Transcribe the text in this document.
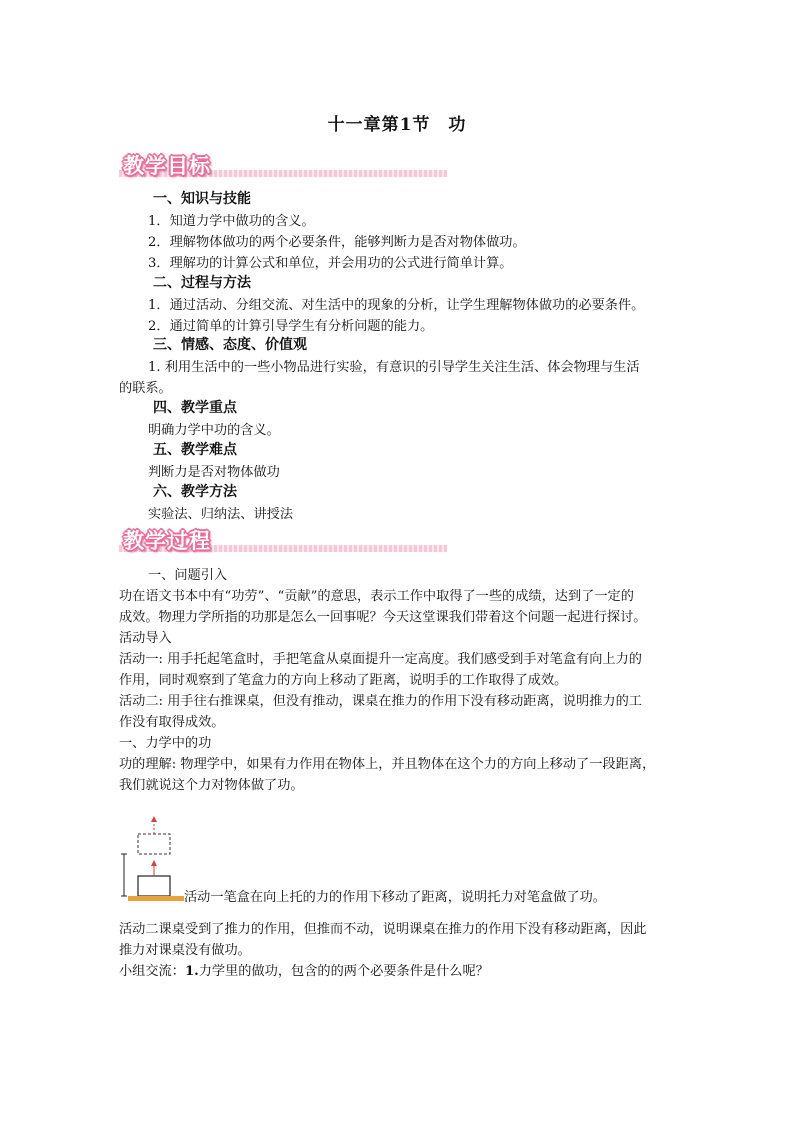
十一章第1节　功
教学目标
一、知识与技能
1．知道力学中做功的含义。
2．理解物体做功的两个必要条件，能够判断力是否对物体做功。
3．理解功的计算公式和单位，并会用功的公式进行简单计算。
二、过程与方法
1．通过活动、分组交流、对生活中的现象的分析，让学生理解物体做功的必要条件。
2．通过简单的计算引导学生有分析问题的能力。
三、情感、态度、价值观
1. 利用生活中的一些小物品进行实验，有意识的引导学生关注生活、体会物理与生活
的联系。
四、教学重点
明确力学中功的含义。
五、教学难点
判断力是否对物体做功
六、教学方法
实验法、归纳法、讲授法
教学过程
一、问题引入
功在语文书本中有“功劳”、“贡献”的意思，表示工作中取得了一些的成绩，达到了一定的
成效。物理力学所指的功那是怎么一回事呢？今天这堂课我们带着这个问题一起进行探讨。
活动导入
活动一: 用手托起笔盒时，手把笔盒从桌面提升一定高度。我们感受到手对笔盒有向上力的
作用，同时观察到了笔盒力的方向上移动了距离，说明手的工作取得了成效。
活动二: 用手往右推课桌，但没有推动，课桌在推力的作用下没有移动距离，说明推力的工
作没有取得成效。
一、力学中的功
功的理解: 物理学中，如果有力作用在物体上，并且物体在这个力的方向上移动了一段距离，
我们就说这个力对物体做了功。
活动一笔盒在向上托的力的作用下移动了距离，说明托力对笔盒做了功。
活动二课桌受到了推力的作用，但推而不动，说明课桌在推力的作用下没有移动距离，因此
推力对课桌没有做功。
小组交流：1.力学里的做功，包含的的两个必要条件是什么呢？
